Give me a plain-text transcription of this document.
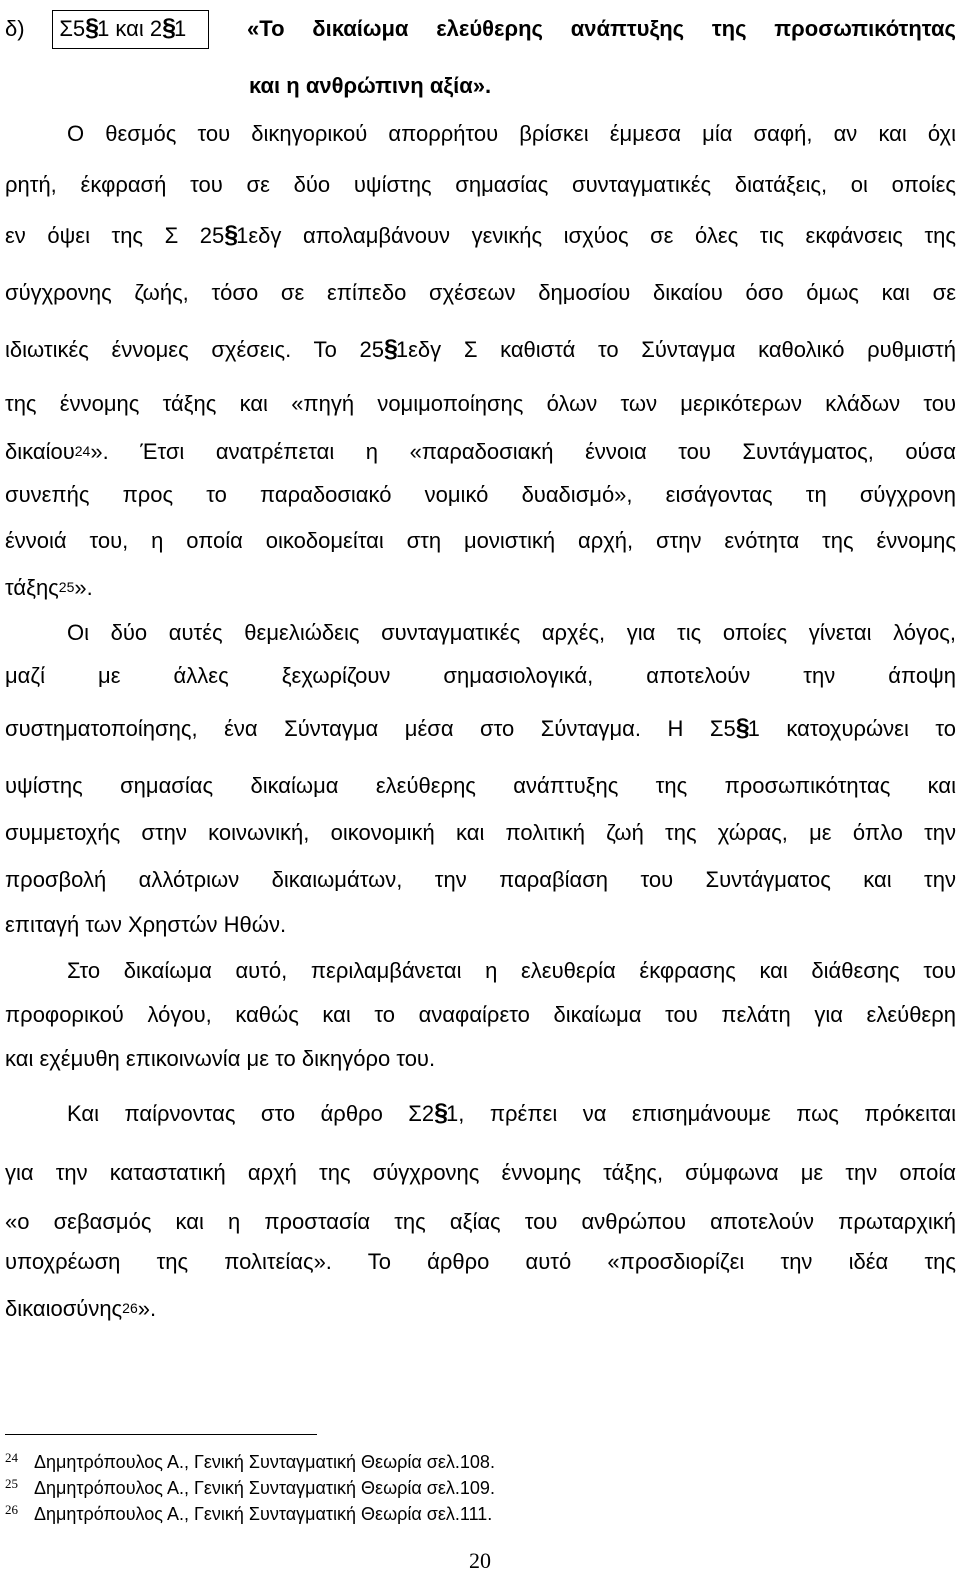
δ) Σ5§1 και 2§1	«Το δικαίωμα ελεύθερης ανάπτυξης της προσωπικότητας
και η ανθρώπινη αξία».
Ο θεσμός του δικηγορικού απορρήτου βρίσκει έμμεσα μία σαφή, αν και όχι
ρητή, έκφρασή του σε δύο υψίστης σημασίας συνταγματικές διατάξεις, οι οποίες
εν όψει της Σ 25§1εδγ απολαμβάνουν γενικής ισχύος σε όλες τις εκφάνσεις της
σύγχρονης ζωής, τόσο σε επίπεδο σχέσεων δημοσίου δικαίου όσο όμως και σε
ιδιωτικές έννομες σχέσεις. Το 25§1εδγ Σ καθιστά το Σύνταγμα καθολικό ρυθμιστή
της έννομης τάξης και «πηγή νομιμοποίησης όλων των μερικότερων κλάδων του
δικαίου$^{24}$». Έτσι ανατρέπεται η «παραδοσιακή έννοια του Συντάγματος, ούσα
συνεπής προς το παραδοσιακό νομικό δυαδισμό», εισάγοντας τη σύγχρονη
έννοιά του, η οποία οικοδομείται στη μονιστική αρχή, στην ενότητα της έννομης
τάξης$^{25}$».
Οι δύο αυτές θεμελιώδεις συνταγματικές αρχές, για τις οποίες γίνεται λόγος,
μαζί με άλλες ξεχωρίζουν σημασιολογικά, αποτελούν την άποψη
συστηματοποίησης, ένα Σύνταγμα μέσα στο Σύνταγμα. Η Σ5§1 κατοχυρώνει το
υψίστης σημασίας δικαίωμα ελεύθερης ανάπτυξης της προσωπικότητας και
συμμετοχής στην κοινωνική, οικονομική και πολιτική ζωή της χώρας, με όπλο την
προσβολή αλλότριων δικαιωμάτων, την παραβίαση του Συντάγματος και την
επιταγή των Χρηστών Ηθών.
Στο δικαίωμα αυτό, περιλαμβάνεται η ελευθερία έκφρασης και διάθεσης του
προφορικού λόγου, καθώς και το αναφαίρετο δικαίωμα του πελάτη για ελεύθερη
και εχέμυθη επικοινωνία με το δικηγόρο του.
Και παίρνοντας στο άρθρο Σ2§1, πρέπει να επισημάνουμε πως πρόκειται
για την καταστατική αρχή της σύγχρονης έννομης τάξης, σύμφωνα με την οποία
«ο σεβασμός και η προστασία της αξίας του ανθρώπου αποτελούν πρωταρχική
υποχρέωση της πολιτείας». Το άρθρο αυτό «προσδιορίζει την ιδέα της
δικαιοσύνης$^{26}$».
24 Δημητρόπουλος Α., Γενική Συνταγματική Θεωρία σελ.108.
25 Δημητρόπουλος Α., Γενική Συνταγματική Θεωρία σελ.109.
26 Δημητρόπουλος Α., Γενική Συνταγματική Θεωρία σελ.111.
20
